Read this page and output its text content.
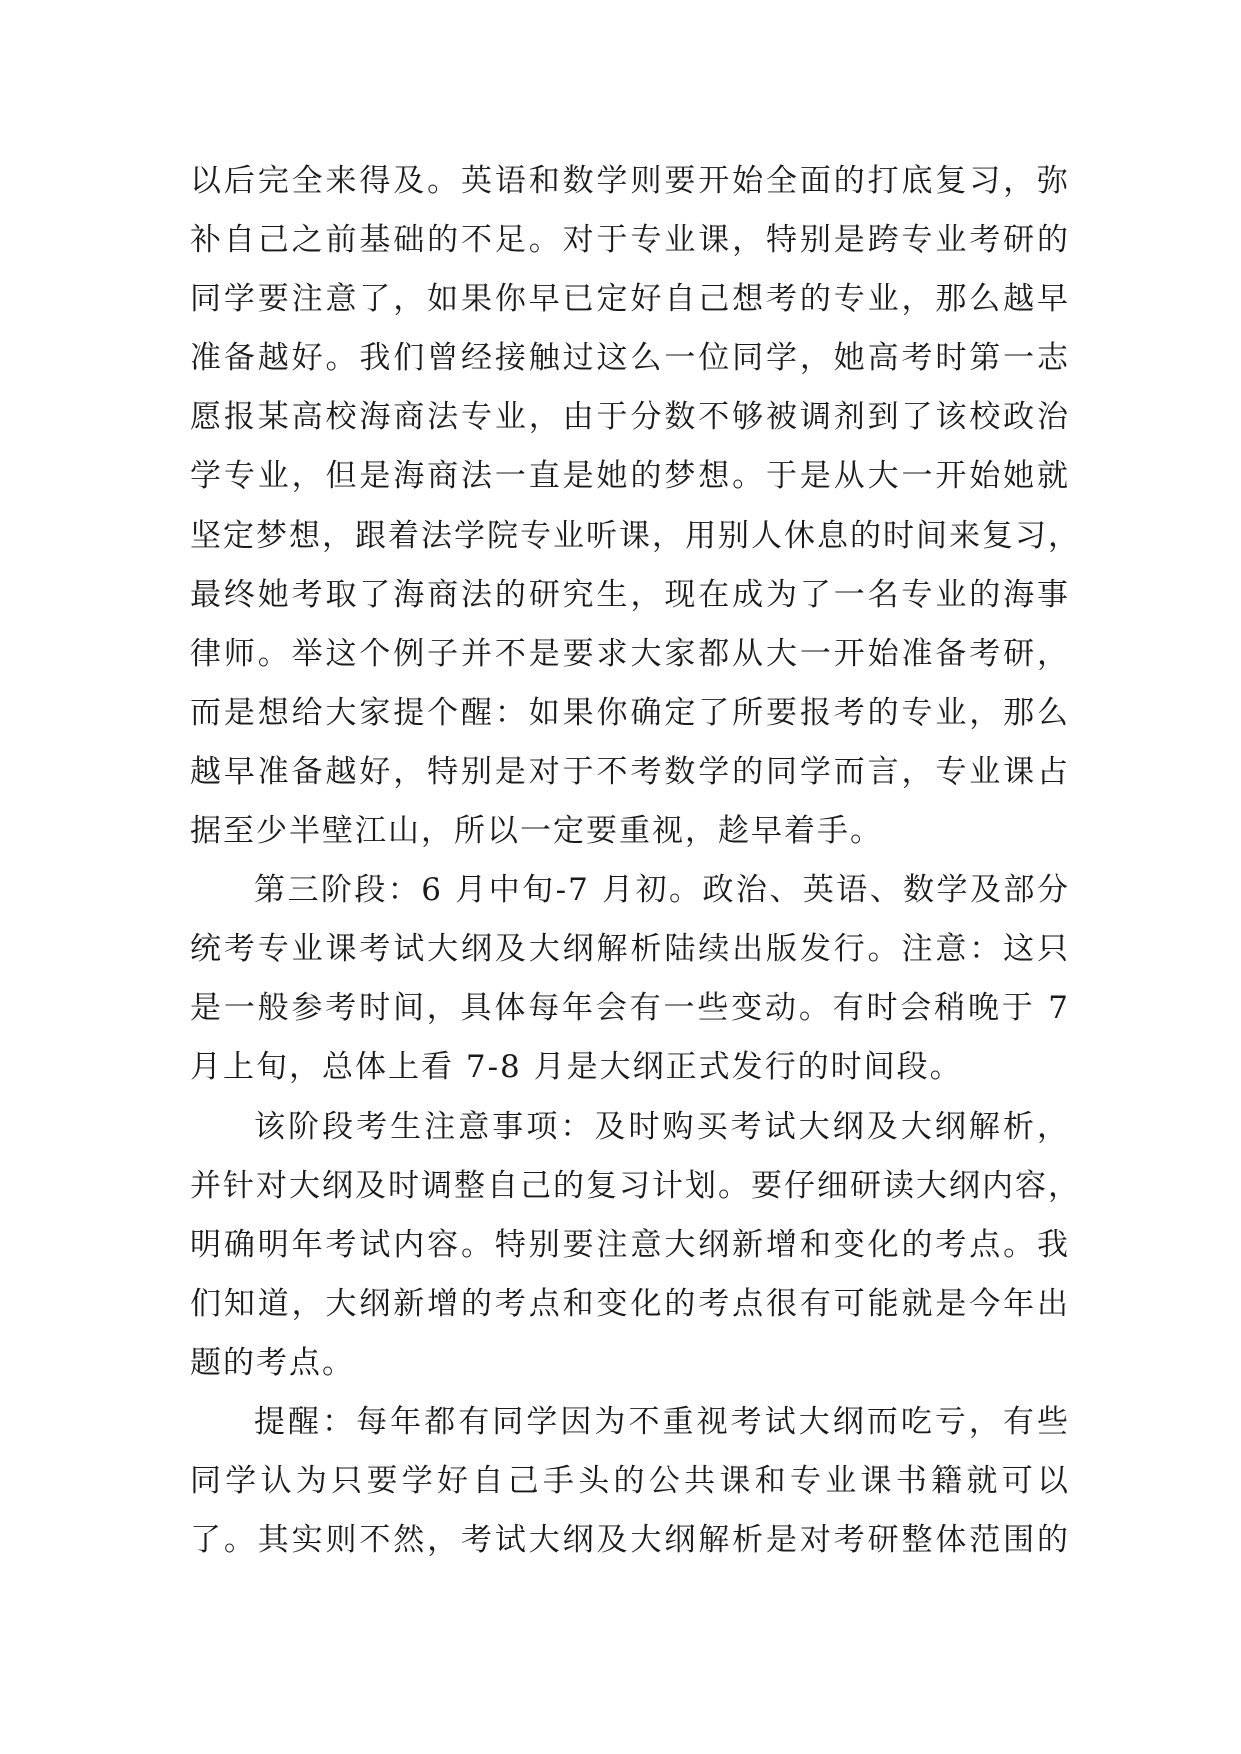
以后完全来得及。英语和数学则要开始全面的打底复习，弥
补自己之前基础的不足。对于专业课，特别是跨专业考研的
同学要注意了，如果你早已定好自己想考的专业，那么越早
准备越好。我们曾经接触过这么一位同学，她高考时第一志
愿报某高校海商法专业，由于分数不够被调剂到了该校政治
学专业，但是海商法一直是她的梦想。于是从大一开始她就
坚定梦想，跟着法学院专业听课，用别人休息的时间来复习，
最终她考取了海商法的研究生，现在成为了一名专业的海事
律师。举这个例子并不是要求大家都从大一开始准备考研，
而是想给大家提个醒：如果你确定了所要报考的专业，那么
越早准备越好，特别是对于不考数学的同学而言，专业课占
据至少半壁江山，所以一定要重视，趁早着手。
第三阶段：6 月中旬-7 月初。政治、英语、数学及部分
统考专业课考试大纲及大纲解析陆续出版发行。注意：这只
是一般参考时间，具体每年会有一些变动。有时会稍晚于 7
月上旬，总体上看 7-8 月是大纲正式发行的时间段。
该阶段考生注意事项：及时购买考试大纲及大纲解析，
并针对大纲及时调整自己的复习计划。要仔细研读大纲内容，
明确明年考试内容。特别要注意大纲新增和变化的考点。我
们知道，大纲新增的考点和变化的考点很有可能就是今年出
题的考点。
提醒：每年都有同学因为不重视考试大纲而吃亏，有些
同学认为只要学好自己手头的公共课和专业课书籍就可以
了。其实则不然，考试大纲及大纲解析是对考研整体范围的
